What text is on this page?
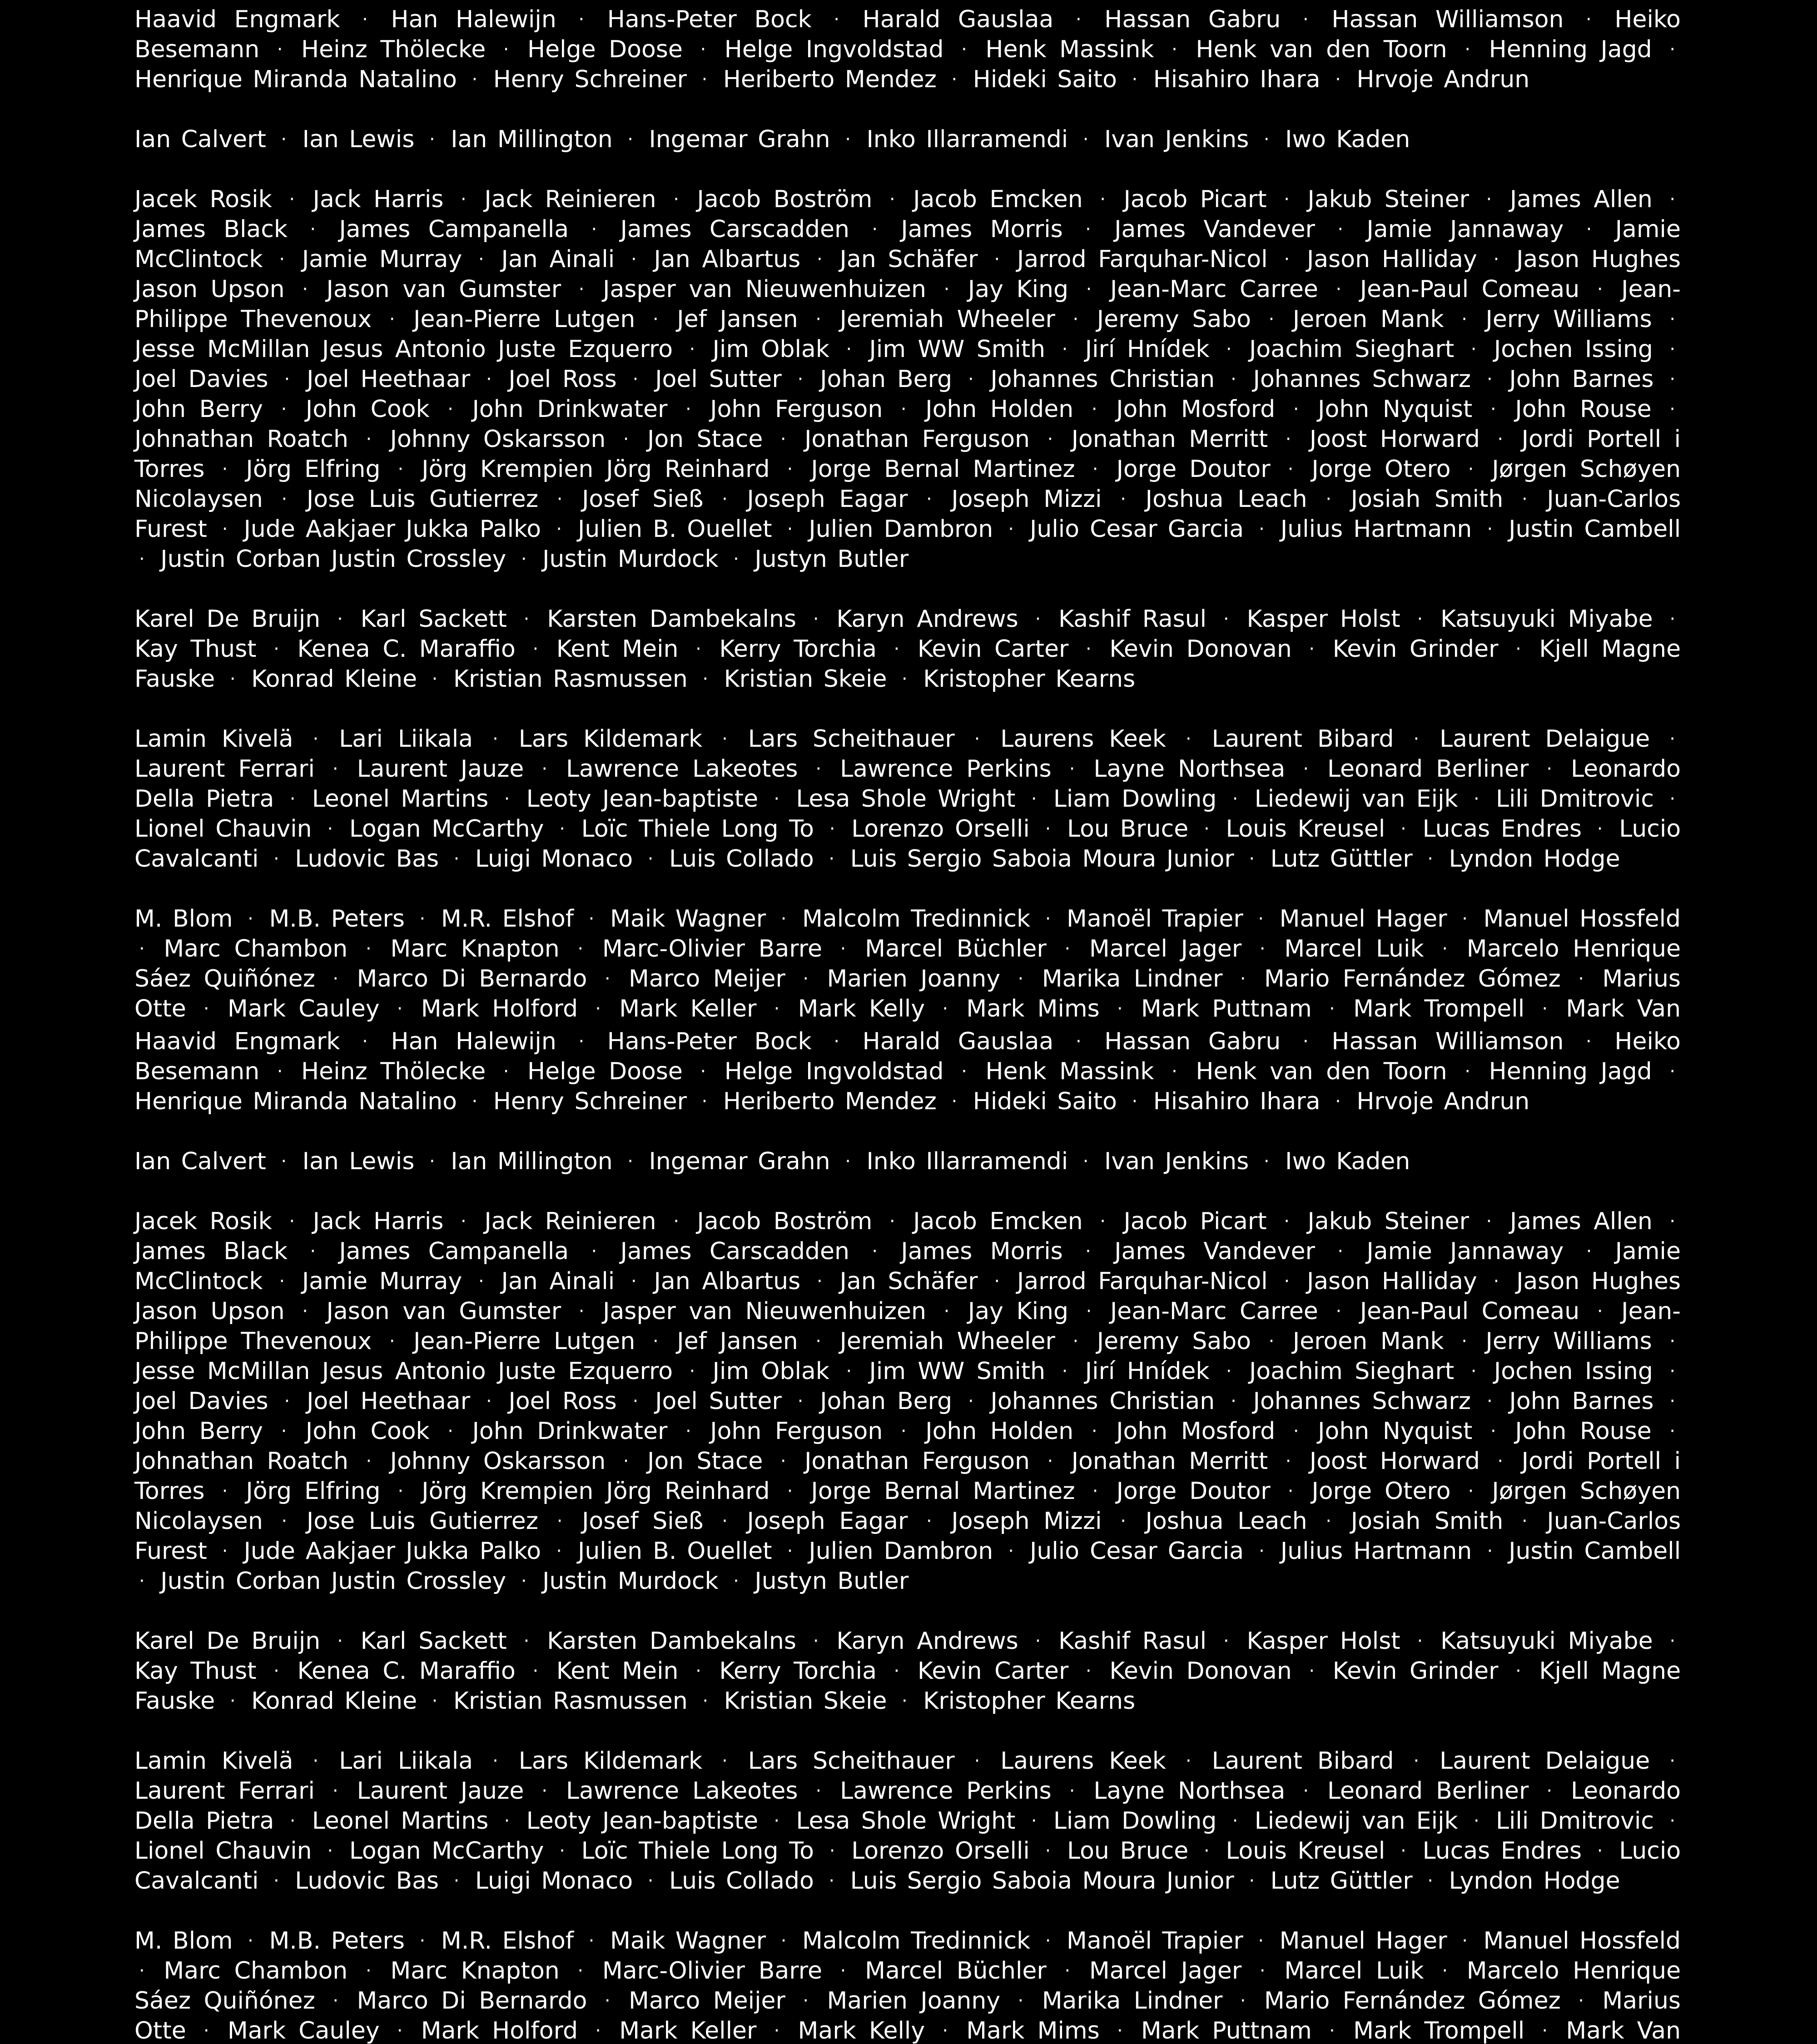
Haavid Engmark · Han Halewijn · Hans-Peter Bock · Harald Gauslaa · Hassan Gabru · Hassan Williamson · Heiko Besemann · Heinz Thölecke · Helge Doose · Helge Ingvoldstad · Henk Massink · Henk van den Toorn · Henning Jagd · Henrique Miranda Natalino · Henry Schreiner · Heriberto Mendez · Hideki Saito · Hisahiro Ihara · Hrvoje Andrun

Ian Calvert · Ian Lewis · Ian Millington · Ingemar Grahn · Inko Illarramendi · Ivan Jenkins · Iwo Kaden

Jacek Rosik · Jack Harris · Jack Reinieren · Jacob Boström · Jacob Emcken · Jacob Picart · Jakub Steiner · James Allen · James Black · James Campanella · James Carscadden · James Morris · James Vandever · Jamie Jannaway · Jamie McClintock · Jamie Murray · Jan Ainali · Jan Albartus · Jan Schäfer · Jarrod Farquhar-Nicol · Jason Halliday · Jason Hughes Jason Upson · Jason van Gumster · Jasper van Nieuwenhuizen · Jay King · Jean-Marc Carree · Jean-Paul Comeau · Jean-Philippe Thevenoux · Jean-Pierre Lutgen · Jef Jansen · Jeremiah Wheeler · Jeremy Sabo · Jeroen Mank · Jerry Williams · Jesse McMillan Jesus Antonio Juste Ezquerro · Jim Oblak · Jim WW Smith · Jirí Hnídek · Joachim Sieghart · Jochen Issing · Joel Davies · Joel Heethaar · Joel Ross · Joel Sutter · Johan Berg · Johannes Christian · Johannes Schwarz · John Barnes · John Berry · John Cook · John Drinkwater · John Ferguson · John Holden · John Mosford · John Nyquist · John Rouse · Johnathan Roatch · Johnny Oskarsson · Jon Stace · Jonathan Ferguson · Jonathan Merritt · Joost Horward · Jordi Portell i Torres · Jörg Elfring · Jörg Krempien Jörg Reinhard · Jorge Bernal Martinez · Jorge Doutor · Jorge Otero · Jørgen Schøyen Nicolaysen · Jose Luis Gutierrez · Josef Sieß · Joseph Eagar · Joseph Mizzi · Joshua Leach · Josiah Smith · Juan-Carlos Furest · Jude Aakjaer Jukka Palko · Julien B. Ouellet · Julien Dambron · Julio Cesar Garcia · Julius Hartmann · Justin Cambell · Justin Corban Justin Crossley · Justin Murdock · Justyn Butler

Karel De Bruijn · Karl Sackett · Karsten Dambekalns · Karyn Andrews · Kashif Rasul · Kasper Holst · Katsuyuki Miyabe · Kay Thust · Kenea C. Maraffio · Kent Mein · Kerry Torchia · Kevin Carter · Kevin Donovan · Kevin Grinder · Kjell Magne Fauske · Konrad Kleine · Kristian Rasmussen · Kristian Skeie · Kristopher Kearns

Lamin Kivelä · Lari Liikala · Lars Kildemark · Lars Scheithauer · Laurens Keek · Laurent Bibard · Laurent Delaigue · Laurent Ferrari · Laurent Jauze · Lawrence Lakeotes · Lawrence Perkins · Layne Northsea · Leonard Berliner · Leonardo Della Pietra · Leonel Martins · Leoty Jean-baptiste · Lesa Shole Wright · Liam Dowling · Liedewij van Eijk · Lili Dmitrovic · Lionel Chauvin · Logan McCarthy · Loïc Thiele Long To · Lorenzo Orselli · Lou Bruce · Louis Kreusel · Lucas Endres · Lucio Cavalcanti · Ludovic Bas · Luigi Monaco · Luis Collado · Luis Sergio Saboia Moura Junior · Lutz Güttler · Lyndon Hodge

M. Blom · M.B. Peters · M.R. Elshof · Maik Wagner · Malcolm Tredinnick · Manoël Trapier · Manuel Hager · Manuel Hossfeld · Marc Chambon · Marc Knapton · Marc-Olivier Barre · Marcel Büchler · Marcel Jager · Marcel Luik · Marcelo Henrique Sáez Quiñónez · Marco Di Bernardo · Marco Meijer · Marien Joanny · Marika Lindner · Mario Fernández Gómez · Marius Otte · Mark Cauley · Mark Holford · Mark Keller · Mark Kelly · Mark Mims · Mark Puttnam · Mark Trompell · Mark Van

Haavid Engmark · Han Halewijn · Hans-Peter Bock · Harald Gauslaa · Hassan Gabru · Hassan Williamson · Heiko Besemann · Heinz Thölecke · Helge Doose · Helge Ingvoldstad · Henk Massink · Henk van den Toorn · Henning Jagd · Henrique Miranda Natalino · Henry Schreiner · Heriberto Mendez · Hideki Saito · Hisahiro Ihara · Hrvoje Andrun

Ian Calvert · Ian Lewis · Ian Millington · Ingemar Grahn · Inko Illarramendi · Ivan Jenkins · Iwo Kaden

Jacek Rosik · Jack Harris · Jack Reinieren · Jacob Boström · Jacob Emcken · Jacob Picart · Jakub Steiner · James Allen · James Black · James Campanella · James Carscadden · James Morris · James Vandever · Jamie Jannaway · Jamie McClintock · Jamie Murray · Jan Ainali · Jan Albartus · Jan Schäfer · Jarrod Farquhar-Nicol · Jason Halliday · Jason Hughes Jason Upson · Jason van Gumster · Jasper van Nieuwenhuizen · Jay King · Jean-Marc Carree · Jean-Paul Comeau · Jean-Philippe Thevenoux · Jean-Pierre Lutgen · Jef Jansen · Jeremiah Wheeler · Jeremy Sabo · Jeroen Mank · Jerry Williams · Jesse McMillan Jesus Antonio Juste Ezquerro · Jim Oblak · Jim WW Smith · Jirí Hnídek · Joachim Sieghart · Jochen Issing · Joel Davies · Joel Heethaar · Joel Ross · Joel Sutter · Johan Berg · Johannes Christian · Johannes Schwarz · John Barnes · John Berry · John Cook · John Drinkwater · John Ferguson · John Holden · John Mosford · John Nyquist · John Rouse · Johnathan Roatch · Johnny Oskarsson · Jon Stace · Jonathan Ferguson · Jonathan Merritt · Joost Horward · Jordi Portell i Torres · Jörg Elfring · Jörg Krempien Jörg Reinhard · Jorge Bernal Martinez · Jorge Doutor · Jorge Otero · Jørgen Schøyen Nicolaysen · Jose Luis Gutierrez · Josef Sieß · Joseph Eagar · Joseph Mizzi · Joshua Leach · Josiah Smith · Juan-Carlos Furest · Jude Aakjaer Jukka Palko · Julien B. Ouellet · Julien Dambron · Julio Cesar Garcia · Julius Hartmann · Justin Cambell · Justin Corban Justin Crossley · Justin Murdock · Justyn Butler

Karel De Bruijn · Karl Sackett · Karsten Dambekalns · Karyn Andrews · Kashif Rasul · Kasper Holst · Katsuyuki Miyabe · Kay Thust · Kenea C. Maraffio · Kent Mein · Kerry Torchia · Kevin Carter · Kevin Donovan · Kevin Grinder · Kjell Magne Fauske · Konrad Kleine · Kristian Rasmussen · Kristian Skeie · Kristopher Kearns

Lamin Kivelä · Lari Liikala · Lars Kildemark · Lars Scheithauer · Laurens Keek · Laurent Bibard · Laurent Delaigue · Laurent Ferrari · Laurent Jauze · Lawrence Lakeotes · Lawrence Perkins · Layne Northsea · Leonard Berliner · Leonardo Della Pietra · Leonel Martins · Leoty Jean-baptiste · Lesa Shole Wright · Liam Dowling · Liedewij van Eijk · Lili Dmitrovic · Lionel Chauvin · Logan McCarthy · Loïc Thiele Long To · Lorenzo Orselli · Lou Bruce · Louis Kreusel · Lucas Endres · Lucio Cavalcanti · Ludovic Bas · Luigi Monaco · Luis Collado · Luis Sergio Saboia Moura Junior · Lutz Güttler · Lyndon Hodge

M. Blom · M.B. Peters · M.R. Elshof · Maik Wagner · Malcolm Tredinnick · Manoël Trapier · Manuel Hager · Manuel Hossfeld · Marc Chambon · Marc Knapton · Marc-Olivier Barre · Marcel Büchler · Marcel Jager · Marcel Luik · Marcelo Henrique Sáez Quiñónez · Marco Di Bernardo · Marco Meijer · Marien Joanny · Marika Lindner · Mario Fernández Gómez · Marius Otte · Mark Cauley · Mark Holford · Mark Keller · Mark Kelly · Mark Mims · Mark Puttnam · Mark Trompell · Mark Van
